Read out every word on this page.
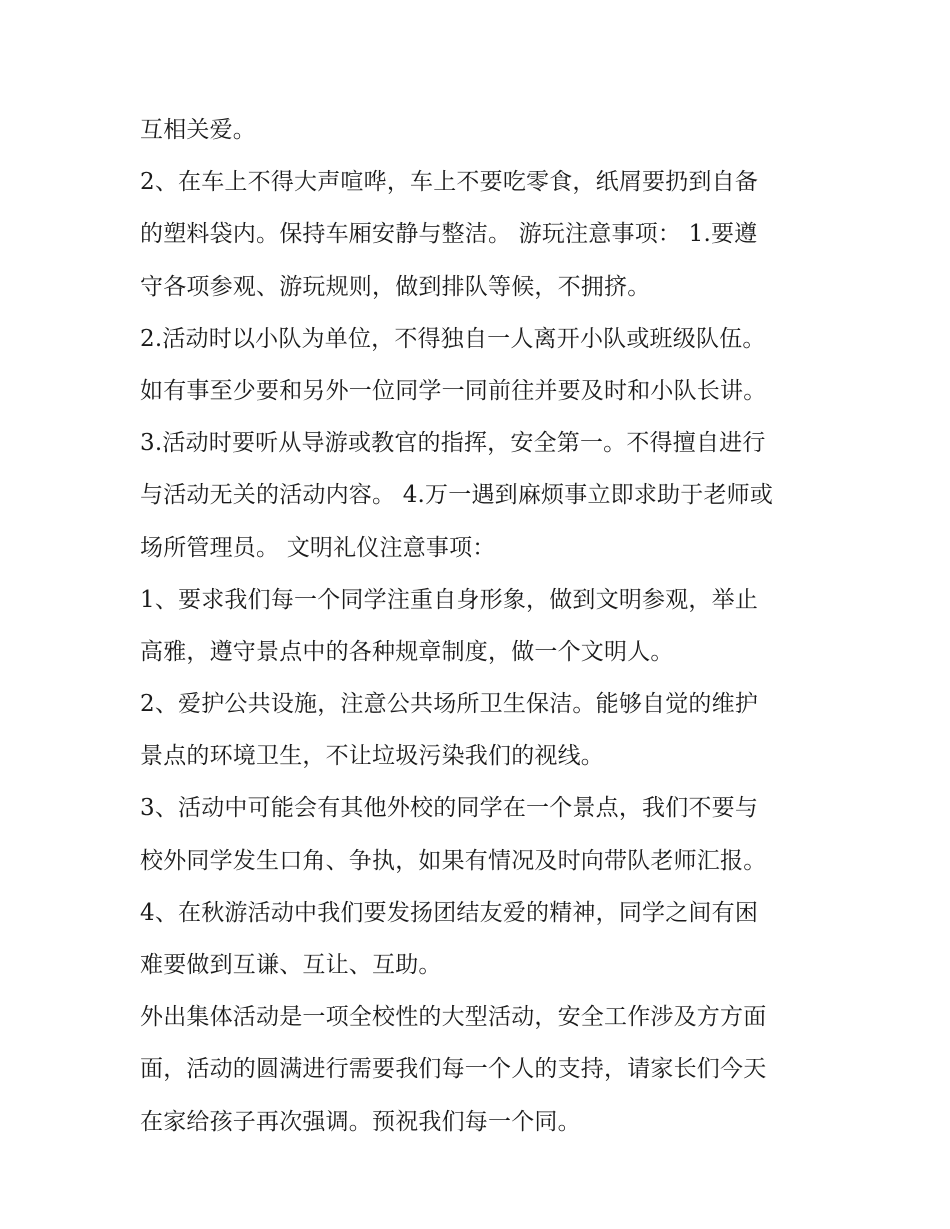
互相关爱。
2、在车上不得大声喧哗，车上不要吃零食，纸屑要扔到自备
的塑料袋内。保持车厢安静与整洁。 游玩注意事项： 1.要遵
守各项参观、游玩规则，做到排队等候，不拥挤。
2.活动时以小队为单位，不得独自一人离开小队或班级队伍。
如有事至少要和另外一位同学一同前往并要及时和小队长讲。
3.活动时要听从导游或教官的指挥，安全第一。不得擅自进行
与活动无关的活动内容。 4.万一遇到麻烦事立即求助于老师或
场所管理员。 文明礼仪注意事项：
1、要求我们每一个同学注重自身形象，做到文明参观，举止
高雅，遵守景点中的各种规章制度，做一个文明人。
2、爱护公共设施，注意公共场所卫生保洁。能够自觉的维护
景点的环境卫生，不让垃圾污染我们的视线。
3、活动中可能会有其他外校的同学在一个景点，我们不要与
校外同学发生口角、争执，如果有情况及时向带队老师汇报。
4、在秋游活动中我们要发扬团结友爱的精神，同学之间有困
难要做到互谦、互让、互助。
外出集体活动是一项全校性的大型活动，安全工作涉及方方面
面，活动的圆满进行需要我们每一个人的支持，请家长们今天
在家给孩子再次强调。预祝我们每一个同。
